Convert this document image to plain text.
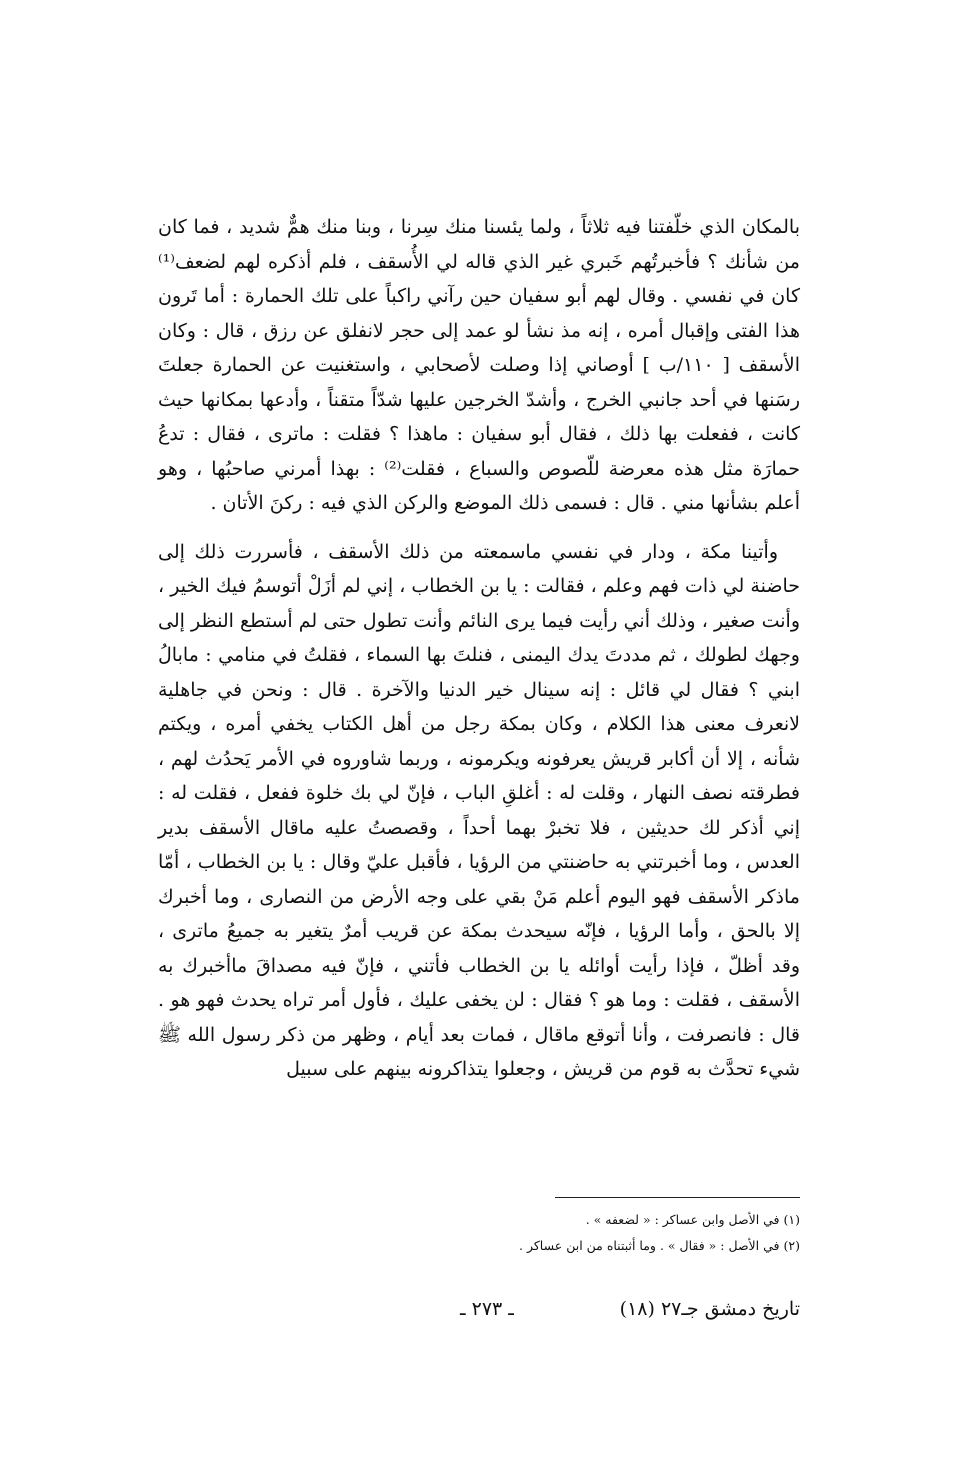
بالمكان الذي خلّفتنا فيه ثلاثاً ، ولما يئسنا منك سِرنا ، وبنا منك همٌّ شديد ، فما كان من شأنك ؟ فأخبرتُهم خَبري غير الذي قاله لي الأُسقف ، فلم أذكره لهم لضعف⁽¹⁾ كان في نفسي . وقال لهم أبو سفيان حين رآني راكباً على تلك الحمارة : أما تَرون هذا الفتى وإقبال أمره ، إنه مذ نشأ لو عمد إلى حجر لانفلق عن رزق ، قال : وكان الأسقف [ ١١٠/ب ] أوصاني إذا وصلت لأصحابي ، واستغنيت عن الحمارة جعلتَ رسَنها في أحد جانبي الخرج ، وأشدّ الخرجين عليها شدّاً متقناً ، وأدعها بمكانها حيث كانت ، ففعلت بها ذلك ، فقال أبو سفيان : ماهذا ؟ فقلت : ماترى ، فقال : تدعُ حمارَة مثل هذه معرضة للّصوص والسباع ، فقلت⁽²⁾ : بهذا أمرني صاحبُها ، وهو أعلم بشأنها مني . قال : فسمى ذلك الموضع والركن الذي فيه : ركنَ الأتان .

وأتينا مكة ، ودار في نفسي ماسمعته من ذلك الأسقف ، فأسررت ذلك إلى حاضنة لي ذات فهم وعلم ، فقالت : يا بن الخطاب ، إني لم أزَلْ أتوسمُ فيك الخير ، وأنت صغير ، وذلك أني رأيت فيما يرى النائم وأنت تطول حتى لم أستطع النظر إلى وجهك لطولك ، ثم مددتَ يدك اليمنى ، فنلتَ بها السماء ، فقلتُ في منامي : مابالُ ابني ؟ فقال لي قائل : إنه سينال خير الدنيا والآخرة . قال : ونحن في جاهلية لانعرف معنى هذا الكلام ، وكان بمكة رجل من أهل الكتاب يخفي أمره ، ويكتم شأنه ، إلا أن أكابر قريش يعرفونه ويكرمونه ، وربما شاوروه في الأمر يَحدُث لهم ، فطرقته نصف النهار ، وقلت له : أغلقِ الباب ، فإنّ لي بك خلوة ففعل ، فقلت له : إني أذكر لك حديثين ، فلا تخبرْ بهما أحداً ، وقصصتُ عليه ماقال الأسقف بدير العدس ، وما أخبرتني به حاضنتي من الرؤيا ، فأقبل عليّ وقال : يا بن الخطاب ، أمّا ماذكر الأسقف فهو اليوم أعلم مَنْ بقي على وجه الأرض من النصارى ، وما أخبرك إلا بالحق ، وأما الرؤيا ، فإنّه سيحدث بمكة عن قريب أمرٌ يتغير به جميعُ ماترى ، وقد أظلّ ، فإذا رأيت أوائله يا بن الخطاب فأتني ، فإنّ فيه مصداقَ ماأخبرك به الأسقف ، فقلت : وما هو ؟ فقال : لن يخفى عليك ، فأول أمر تراه يحدث فهو هو . قال : فانصرفت ، وأنا أتوقع ماقال ، فمات بعد أيام ، وظهر من ذكر رسول الله ﷺ شيء تحدَّث به قوم من قريش ، وجعلوا يتذاكرونه بينهم على سبيل

(١) في الأصل وابن عساكر : « لضعفه » .

(٢) في الأصل : « فقال » . وما أثبتناه من ابن عساكر .

تاريخ دمشق جـ٢٧ (١٨)
ـ ٢٧٣ ـ
